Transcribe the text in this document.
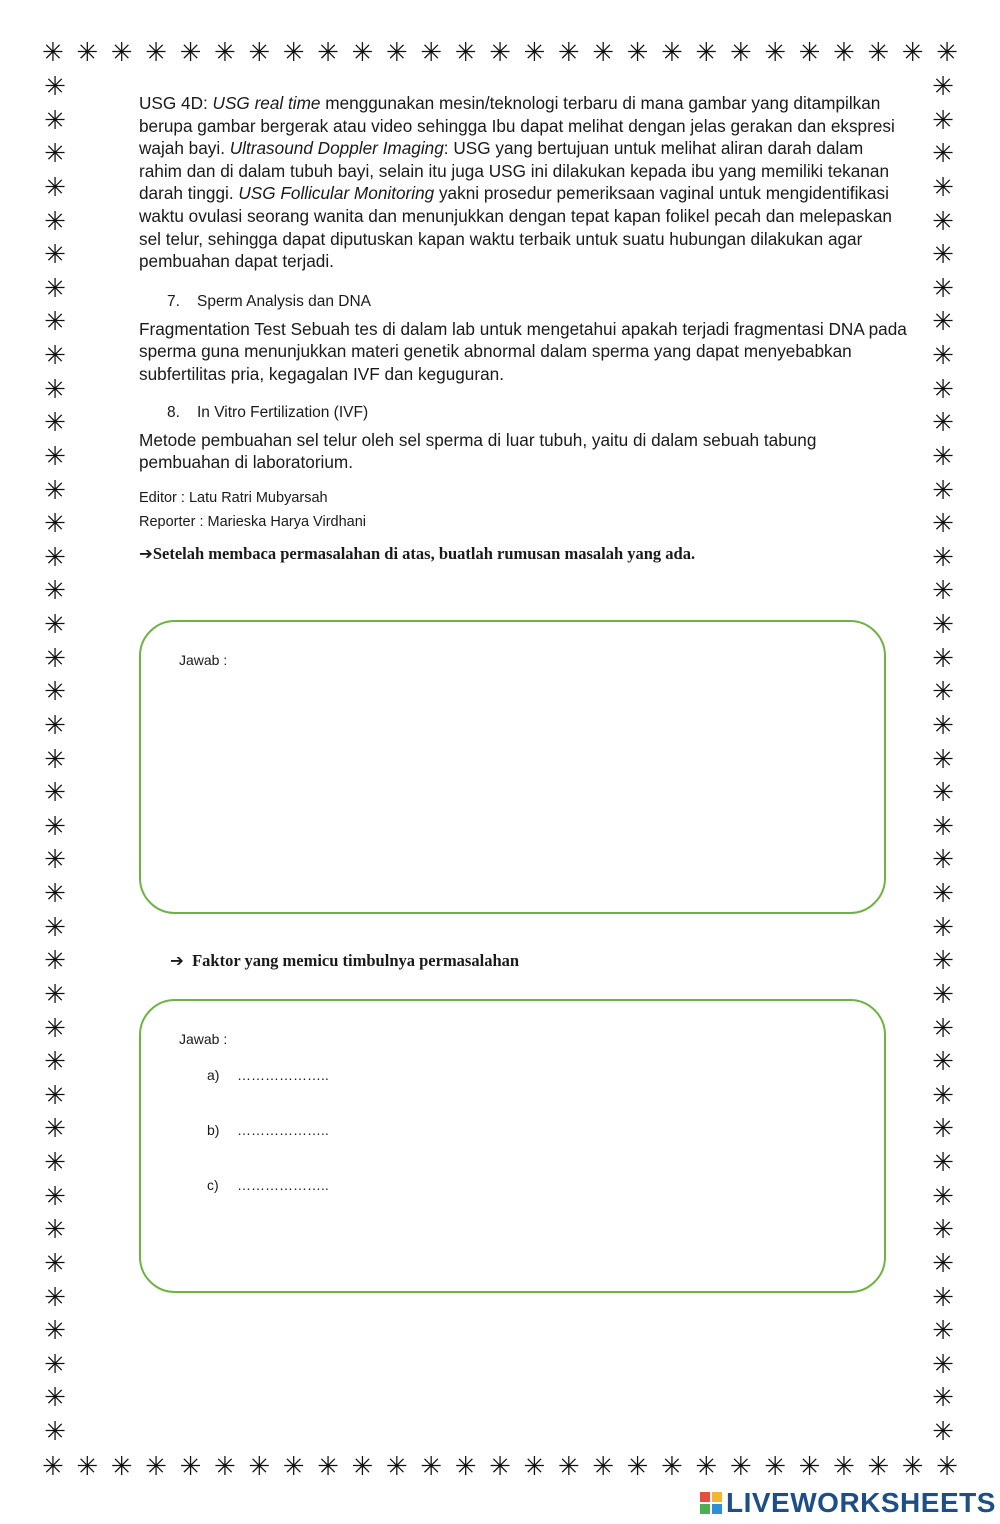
✳ ✳ ✳ ✳ ✳ ✳ ✳ ✳ ✳ ✳ ✳ ✳ ✳ ✳ ✳ ✳ ✳ ✳ ✳ ✳ ✳ ✳ ✳ ✳ ✳ ✳ ✳
✳ ✳ ✳ ✳ ✳ ✳ ✳ ✳ ✳ ✳ ✳ ✳ ✳ ✳ ✳ ✳ ✳ ✳ ✳ ✳ ✳ ✳ ✳ ✳ ✳ ✳ ✳
✳
✳
✳
✳
✳
✳
✳
✳
✳
✳
✳
✳
✳
✳
✳
✳
✳
✳
✳
✳
✳
✳
✳
✳
✳
✳
✳
✳
✳
✳
✳
✳
✳
✳
✳
✳
✳
✳
✳
✳
✳
✳
✳
✳
✳
✳
✳
✳
✳
✳
✳
✳
✳
✳
✳
✳
✳
✳
✳
✳
✳
✳
✳
✳
✳
✳
✳
✳
✳
✳
✳
✳
✳
✳
✳
✳
✳
✳
✳
✳
✳
✳

USG 4D: USG real time menggunakan mesin/teknologi terbaru di mana gambar yang ditampilkan berupa gambar bergerak atau video sehingga Ibu dapat melihat dengan jelas gerakan dan ekspresi wajah bayi. Ultrasound Doppler Imaging: USG yang bertujuan untuk melihat aliran darah dalam rahim dan di dalam tubuh bayi, selain itu juga USG ini dilakukan kepada ibu yang memiliki tekanan darah tinggi. USG Follicular Monitoring yakni prosedur pemeriksaan vaginal untuk mengidentifikasi waktu ovulasi seorang wanita dan menunjukkan dengan tepat kapan folikel pecah dan melepaskan sel telur, sehingga dapat diputuskan kapan waktu terbaik untuk suatu hubungan dilakukan agar pembuahan dapat terjadi.

7. Sperm Analysis dan DNA

Fragmentation Test Sebuah tes di dalam lab untuk mengetahui apakah terjadi fragmentasi DNA pada sperma guna menunjukkan materi genetik abnormal dalam sperma yang dapat menyebabkan subfertilitas pria, kegagalan IVF dan keguguran.

8. In Vitro Fertilization (IVF)

Metode pembuahan sel telur oleh sel sperma di luar tubuh, yaitu di dalam sebuah tabung pembuahan di laboratorium.

Editor : Latu Ratri Mubyarsah

Reporter : Marieska Harya Virdhani

➔Setelah membaca permasalahan di atas, buatlah rumusan masalah yang ada.

Jawab :

➔ Faktor yang memicu timbulnya permasalahan

Jawab :
a) ………………..
b) ………………..
c) ………………..
LIVEWORKSHEETS
